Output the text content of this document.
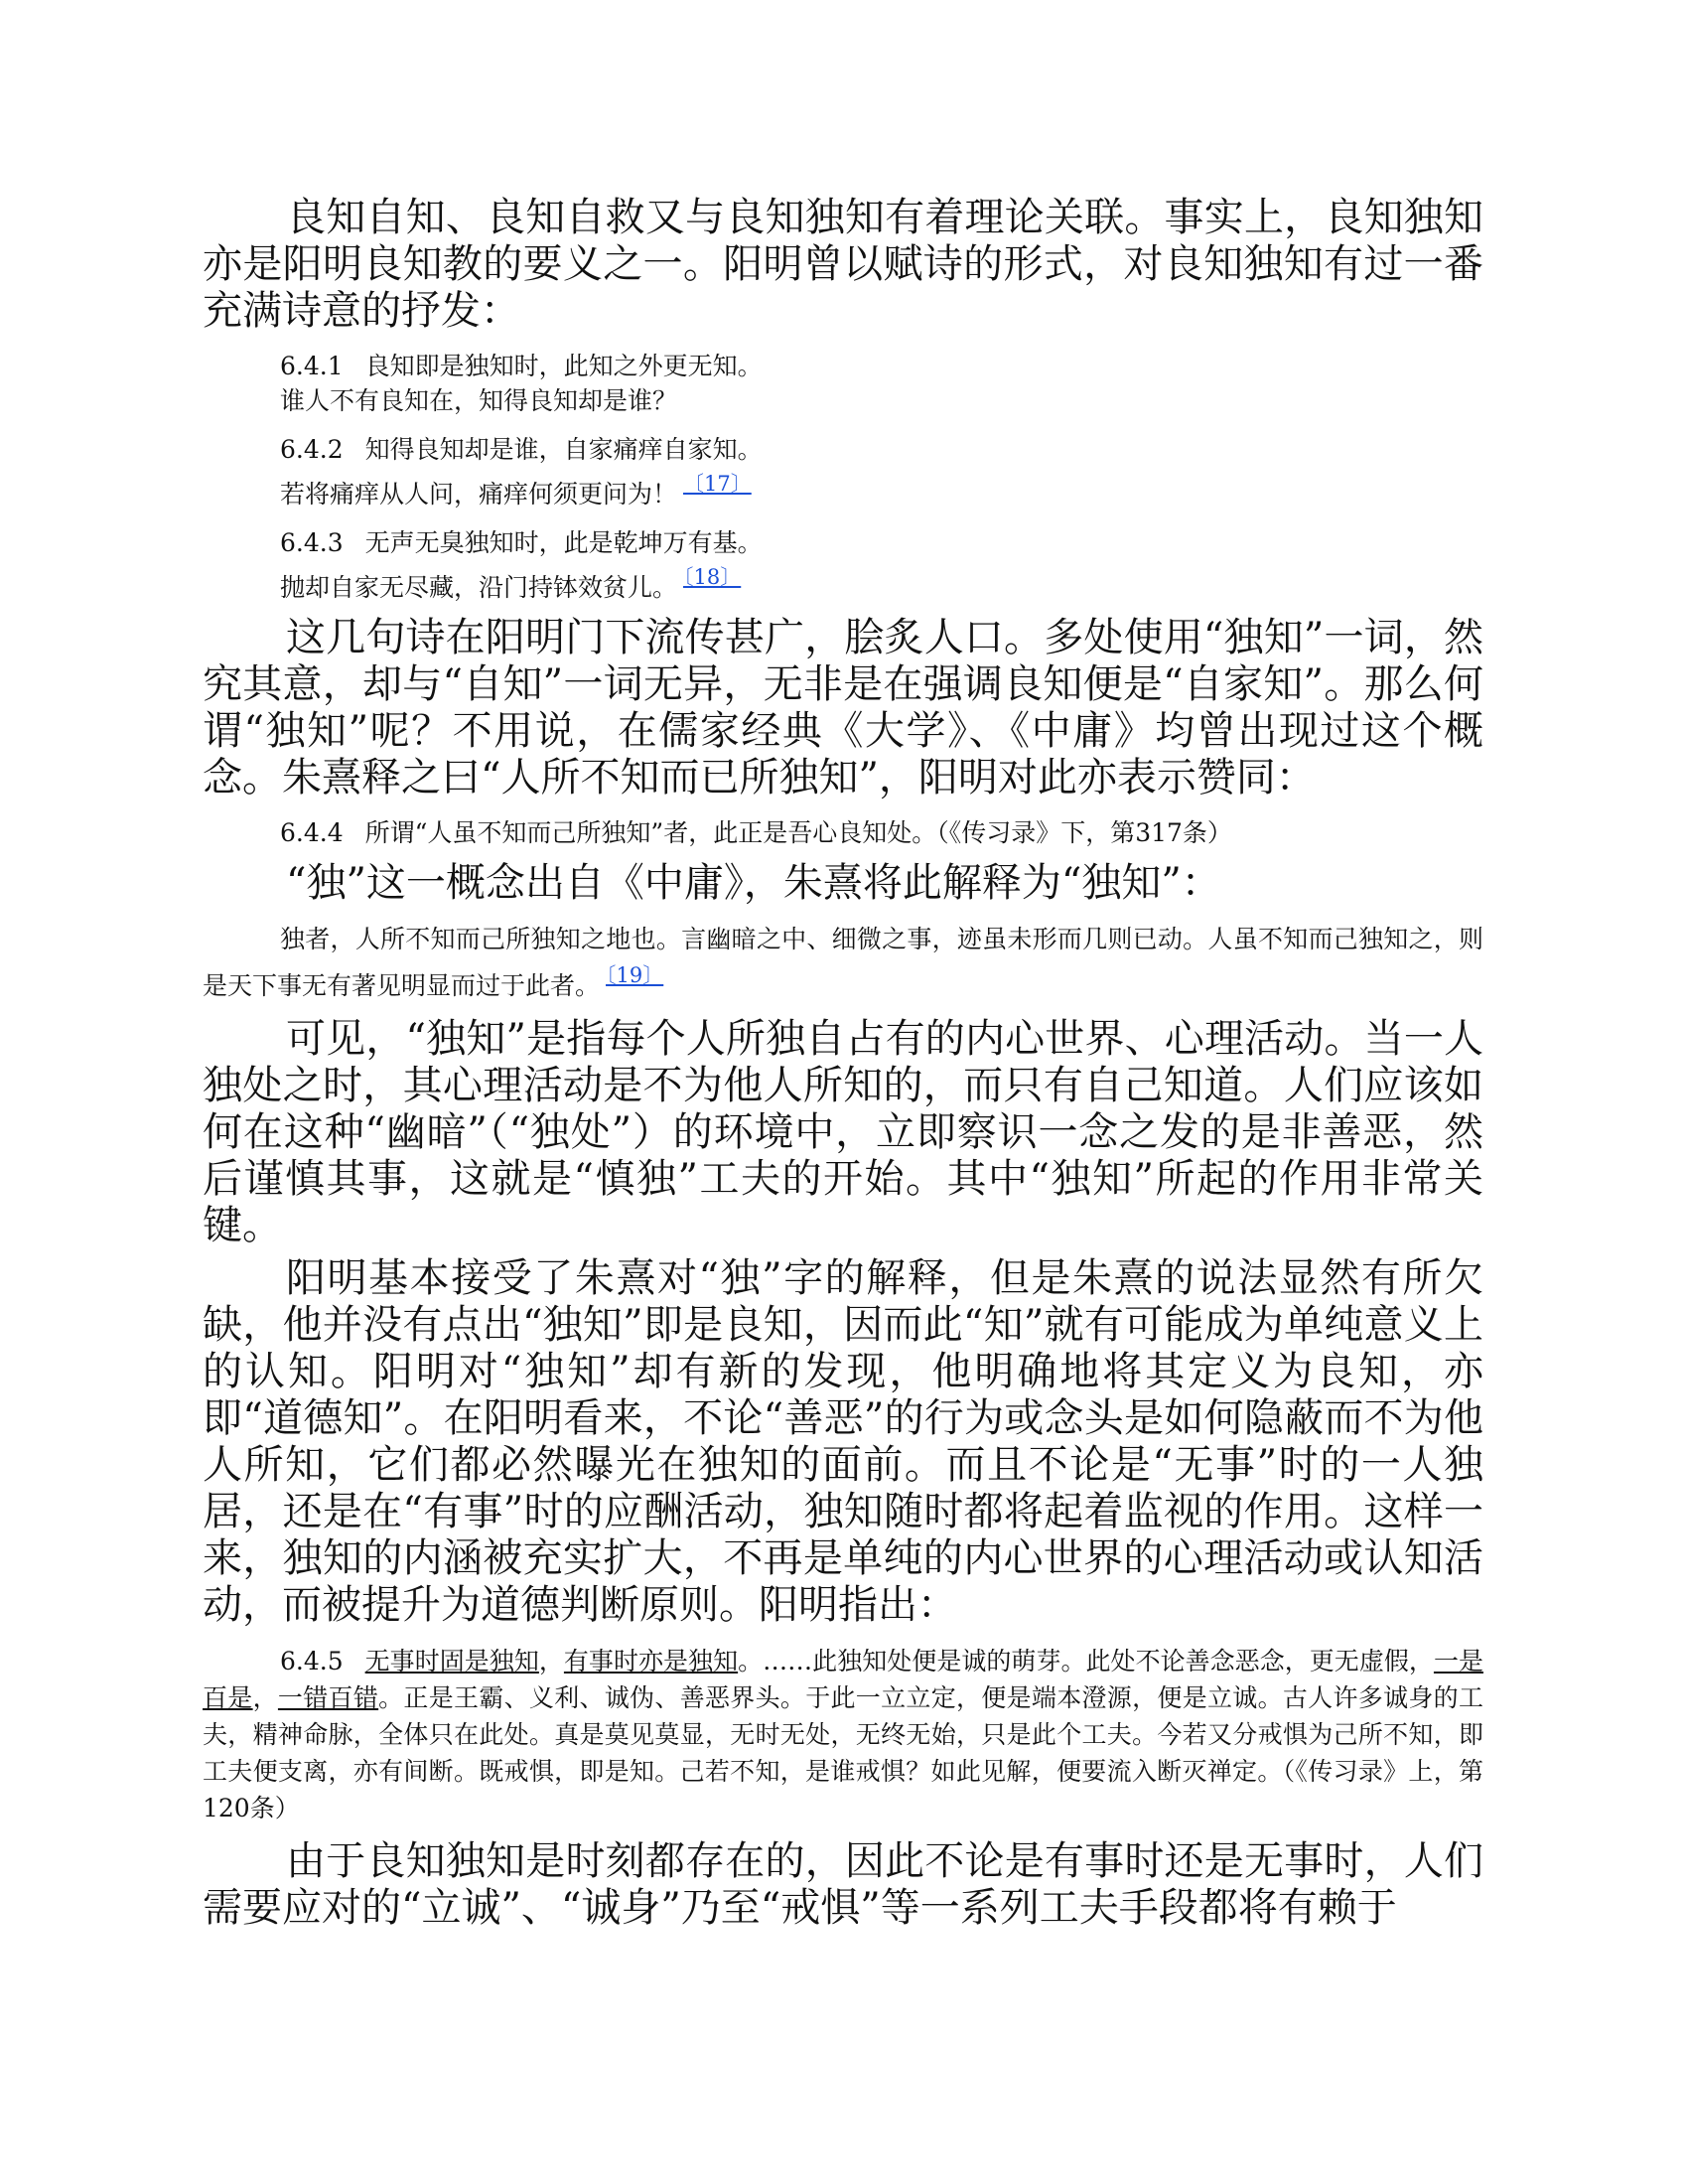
良知自知、良知自救又与良知独知有着理论关联。事实上，良知独知亦是阳明良知教的要义之一。阳明曾以赋诗的形式，对良知独知有过一番充满诗意的抒发：

6.4.1 良知即是独知时，此知之外更无知。
谁人不有良知在，知得良知却是谁？
6.4.2 知得良知却是谁，自家痛痒自家知。
若将痛痒从人问，痛痒何须更问为！ $^{〔17〕}$
6.4.3 无声无臭独知时，此是乾坤万有基。
抛却自家无尽藏，沿门持钵效贫儿。 $^{〔18〕}$

这几句诗在阳明门下流传甚广，脍炙人口。多处使用“独知”一词，然究其意，却与“自知”一词无异，无非是在强调良知便是“自家知”。那么何谓“独知”呢？不用说，在儒家经典《大学》、《中庸》均曾出现过这个概念。朱熹释之曰“人所不知而已所独知”，阳明对此亦表示赞同：

6.4.4 所谓“人虽不知而己所独知”者，此正是吾心良知处。（《传习录》下，第317条）

“独”这一概念出自《中庸》，朱熹将此解释为“独知”：

独者，人所不知而己所独知之地也。言幽暗之中、细微之事，迹虽未形而几则已动。人虽不知而己独知之，则是天下事无有著见明显而过于此者。 $^{〔19〕}$

可见，“独知”是指每个人所独自占有的内心世界、心理活动。当一人独处之时，其心理活动是不为他人所知的，而只有自己知道。人们应该如何在这种“幽暗”（“独处”）的环境中，立即察识一念之发的是非善恶，然后谨慎其事，这就是“慎独”工夫的开始。其中“独知”所起的作用非常关键。

阳明基本接受了朱熹对“独”字的解释，但是朱熹的说法显然有所欠缺，他并没有点出“独知”即是良知，因而此“知”就有可能成为单纯意义上的认知。阳明对“独知”却有新的发现，他明确地将其定义为良知，亦即“道德知”。在阳明看来，不论“善恶”的行为或念头是如何隐蔽而不为他人所知，它们都必然曝光在独知的面前。而且不论是“无事”时的一人独居，还是在“有事”时的应酬活动，独知随时都将起着监视的作用。这样一来，独知的内涵被充实扩大，不再是单纯的内心世界的心理活动或认知活动，而被提升为道德判断原则。阳明指出：

6.4.5 无事时固是独知，有事时亦是独知。……此独知处便是诚的萌芽。此处不论善念恶念，更无虚假，一是百是，一错百错。正是王霸、义利、诚伪、善恶界头。于此一立立定，便是端本澄源，便是立诚。古人许多诚身的工夫，精神命脉，全体只在此处。真是莫见莫显，无时无处，无终无始，只是此个工夫。今若又分戒惧为己所不知，即工夫便支离，亦有间断。既戒惧，即是知。己若不知，是谁戒惧？如此见解，便要流入断灭禅定。（《传习录》上，第120条）

由于良知独知是时刻都存在的，因此不论是有事时还是无事时，人们需要应对的“立诚”、“诚身”乃至“戒惧”等一系列工夫手段都将有赖于
